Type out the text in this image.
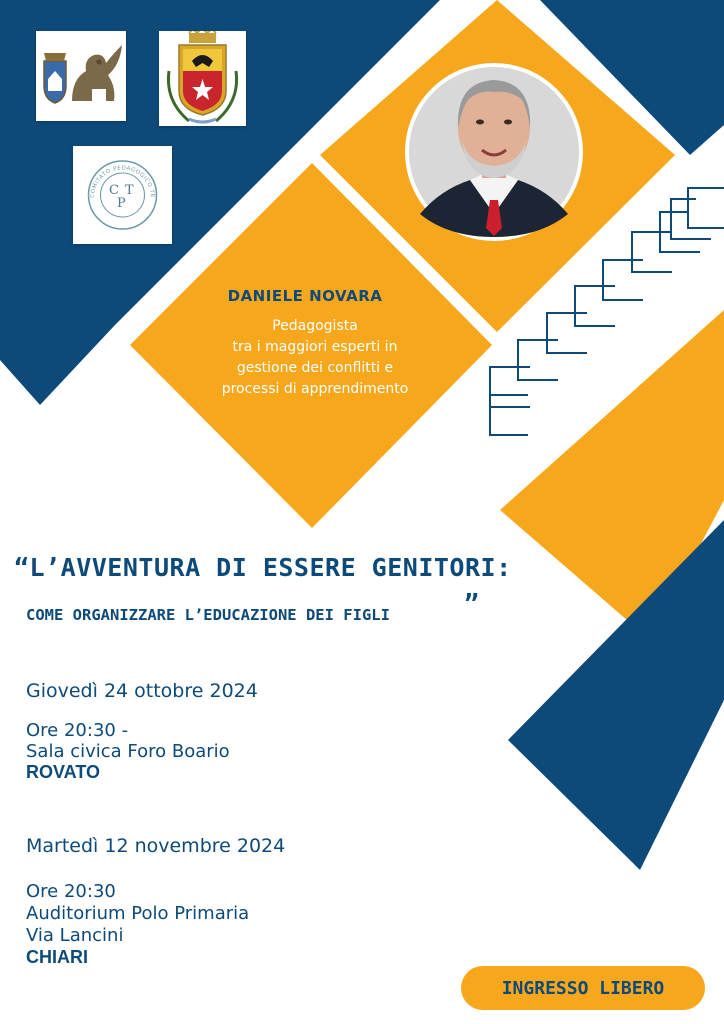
C T
P
COMITATO PEDAGOGICO TE
DANIELE NOVARA
Pedagogista
tra i maggiori esperti in
gestione dei conflitti e
processi di apprendimento
“L’AVVENTURA DI ESSERE GENITORI:
COME ORGANIZZARE L’EDUCAZIONE DEI FIGLI	”
Giovedì 24 ottobre 2024
Ore 20:30 -
Sala civica Foro Boario
ROVATO
Martedì 12 novembre 2024
Ore 20:30
Auditorium Polo Primaria
Via Lancini
CHIARI
INGRESSO LIBERO
